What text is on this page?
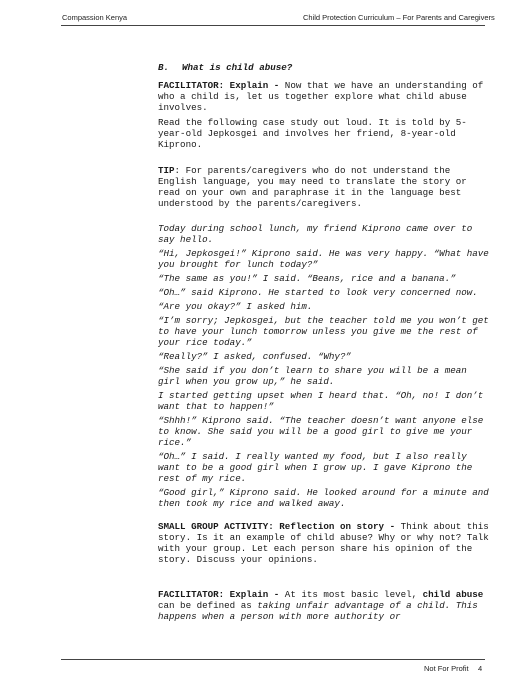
Compassion Kenya	Child Protection Curriculum – For Parents and Caregivers
B. What is child abuse?

FACILITATOR: Explain - Now that we have an understanding of who a child is, let us together explore what child abuse involves.

Read the following case study out loud. It is told by 5-year-old Jepkosgei and involves her friend, 8-year-old Kiprono.

TIP: For parents/caregivers who do not understand the English language, you may need to translate the story or read on your own and paraphrase it in the language best understood by the parents/caregivers.

Today during school lunch, my friend Kiprono came over to say hello.

“Hi, Jepkosgei!” Kiprono said. He was very happy. “What have you brought for lunch today?”

“The same as you!” I said. “Beans, rice and a banana.”

“Oh…” said Kiprono. He started to look very concerned now.

“Are you okay?” I asked him.

“I’m sorry; Jepkosgei, but the teacher told me you won’t get to have your lunch tomorrow unless you give me the rest of your rice today.”

“Really?” I asked, confused. “Why?”

“She said if you don’t learn to share you will be a mean girl when you grow up,” he said.

I started getting upset when I heard that. “Oh, no! I don’t want that to happen!”

“Shhh!” Kiprono said. “The teacher doesn’t want anyone else to know. She said you will be a good girl to give me your rice.”

“Oh…” I said. I really wanted my food, but I also really want to be a good girl when I grow up. I gave Kiprono the rest of my rice.

“Good girl,” Kiprono said. He looked around for a minute and then took my rice and walked away.

SMALL GROUP ACTIVITY: Reflection on story - Think about this story. Is it an example of child abuse? Why or why not? Talk with your group. Let each person share his opinion of the story. Discuss your opinions.

FACILITATOR: Explain - At its most basic level, child abuse can be defined as taking unfair advantage of a child. This happens when a person with more authority or

Not For Profit 4
